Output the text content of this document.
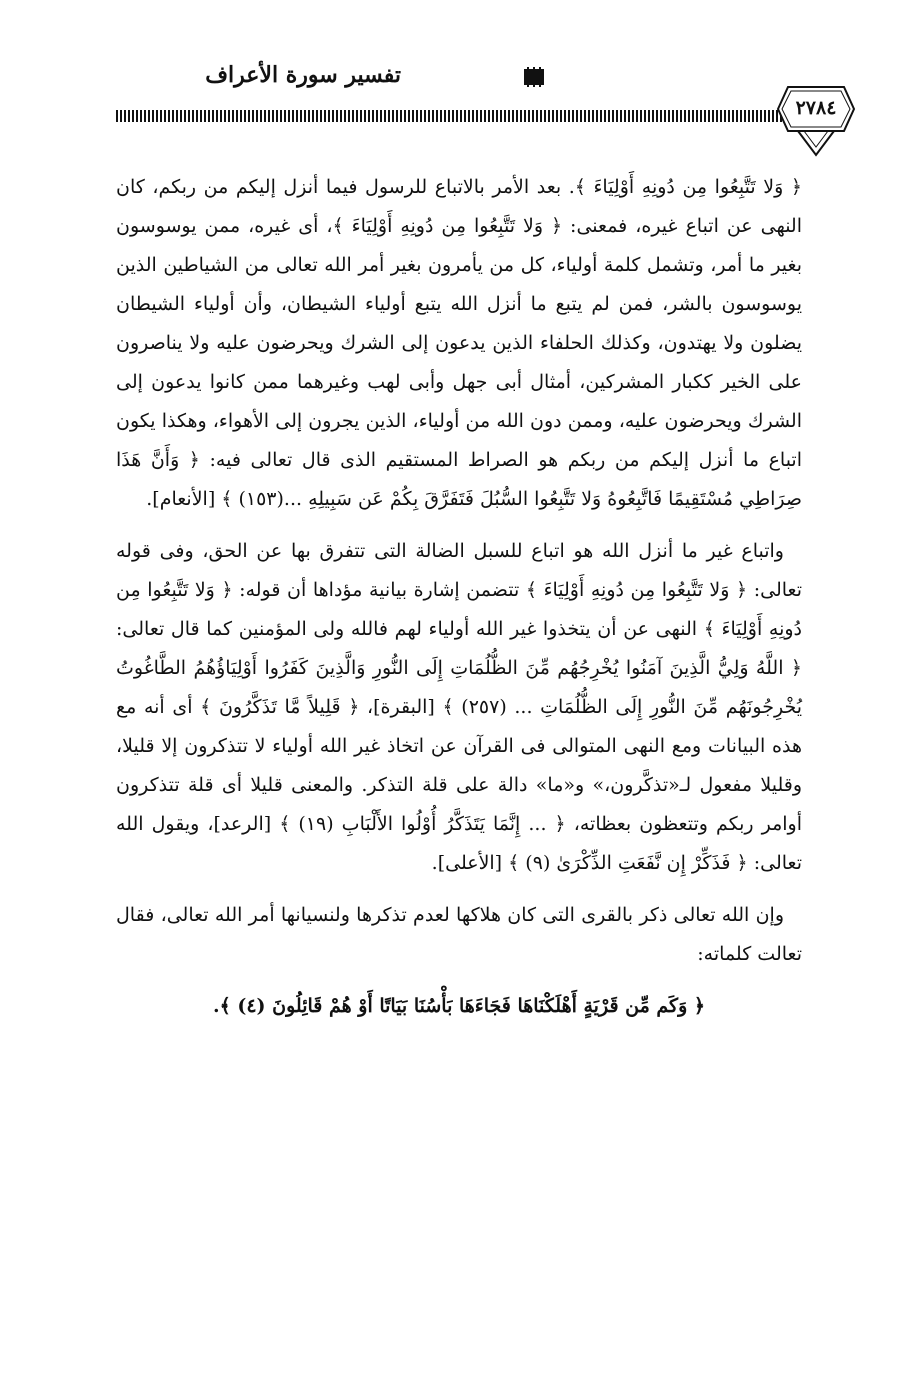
تفسير سورة الأعراف
٢٧٨٤

﴿ وَلا تَتَّبِعُوا مِن دُونِهِ أَوْلِيَاءَ ﴾. بعد الأمر بالاتباع للرسول فيما أنزل إليكم من ربكم، كان النهى عن اتباع غيره، فمعنى: ﴿ وَلا تَتَّبِعُوا مِن دُونِهِ أَوْلِيَاءَ ﴾، أى غيره، ممن يوسوسون بغير ما أمر، وتشمل كلمة أولياء، كل من يأمرون بغير أمر الله تعالى من الشياطين الذين يوسوسون بالشر، فمن لم يتبع ما أنزل الله يتبع أولياء الشيطان، وأن أولياء الشيطان يضلون ولا يهتدون، وكذلك الحلفاء الذين يدعون إلى الشرك ويحرضون عليه ولا يناصرون على الخير ككبار المشركين، أمثال أبى جهل وأبى لهب وغيرهما ممن كانوا يدعون إلى الشرك ويحرضون عليه، وممن دون الله من أولياء، الذين يجرون إلى الأهواء، وهكذا يكون اتباع ما أنزل إليكم من ربكم هو الصراط المستقيم الذى قال تعالى فيه: ﴿ وَأَنَّ هَذَا صِرَاطِي مُسْتَقِيمًا فَاتَّبِعُوهُ وَلا تَتَّبِعُوا السُّبُلَ فَتَفَرَّقَ بِكُمْ عَن سَبِيلِهِ ...(١٥٣) ﴾ [الأنعام].

واتباع غير ما أنزل الله هو اتباع للسبل الضالة التى تتفرق بها عن الحق، وفى قوله تعالى: ﴿ وَلا تَتَّبِعُوا مِن دُونِهِ أَوْلِيَاءَ ﴾ تتضمن إشارة بيانية مؤداها أن قوله: ﴿ وَلا تَتَّبِعُوا مِن دُونِهِ أَوْلِيَاءَ ﴾ النهى عن أن يتخذوا غير الله أولياء لهم فالله ولى المؤمنين كما قال تعالى: ﴿ اللَّهُ وَلِيُّ الَّذِينَ آمَنُوا يُخْرِجُهُم مِّنَ الظُّلُمَاتِ إِلَى النُّورِ وَالَّذِينَ كَفَرُوا أَوْلِيَاؤُهُمُ الطَّاغُوتُ يُخْرِجُونَهُم مِّنَ النُّورِ إِلَى الظُّلُمَاتِ ... (٢٥٧) ﴾ [البقرة]، ﴿ قَلِيلاً مَّا تَذَكَّرُونَ ﴾ أى أنه مع هذه البيانات ومع النهى المتوالى فى القرآن عن اتخاذ غير الله أولياء لا تتذكرون إلا قليلا، وقليلا مفعول لـ«تذكَّرون،» و«ما» دالة على قلة التذكر. والمعنى قليلا أى قلة تتذكرون أوامر ربكم وتتعظون بعظاته، ﴿ ... إِنَّمَا يَتَذَكَّرُ أُوْلُوا الأَلْبَابِ (١٩) ﴾ [الرعد]، ويقول الله تعالى: ﴿ فَذَكِّرْ إِن نَّفَعَتِ الذِّكْرَىٰ (٩) ﴾ [الأعلى].

وإن الله تعالى ذكر بالقرى التى كان هلاكها لعدم تذكرها ولنسيانها أمر الله تعالى، فقال تعالت كلماته:

﴿ وَكَم مِّن قَرْيَةٍ أَهْلَكْنَاهَا فَجَاءَهَا بَأْسُنَا بَيَاتًا أَوْ هُمْ قَائِلُونَ (٤) ﴾.
